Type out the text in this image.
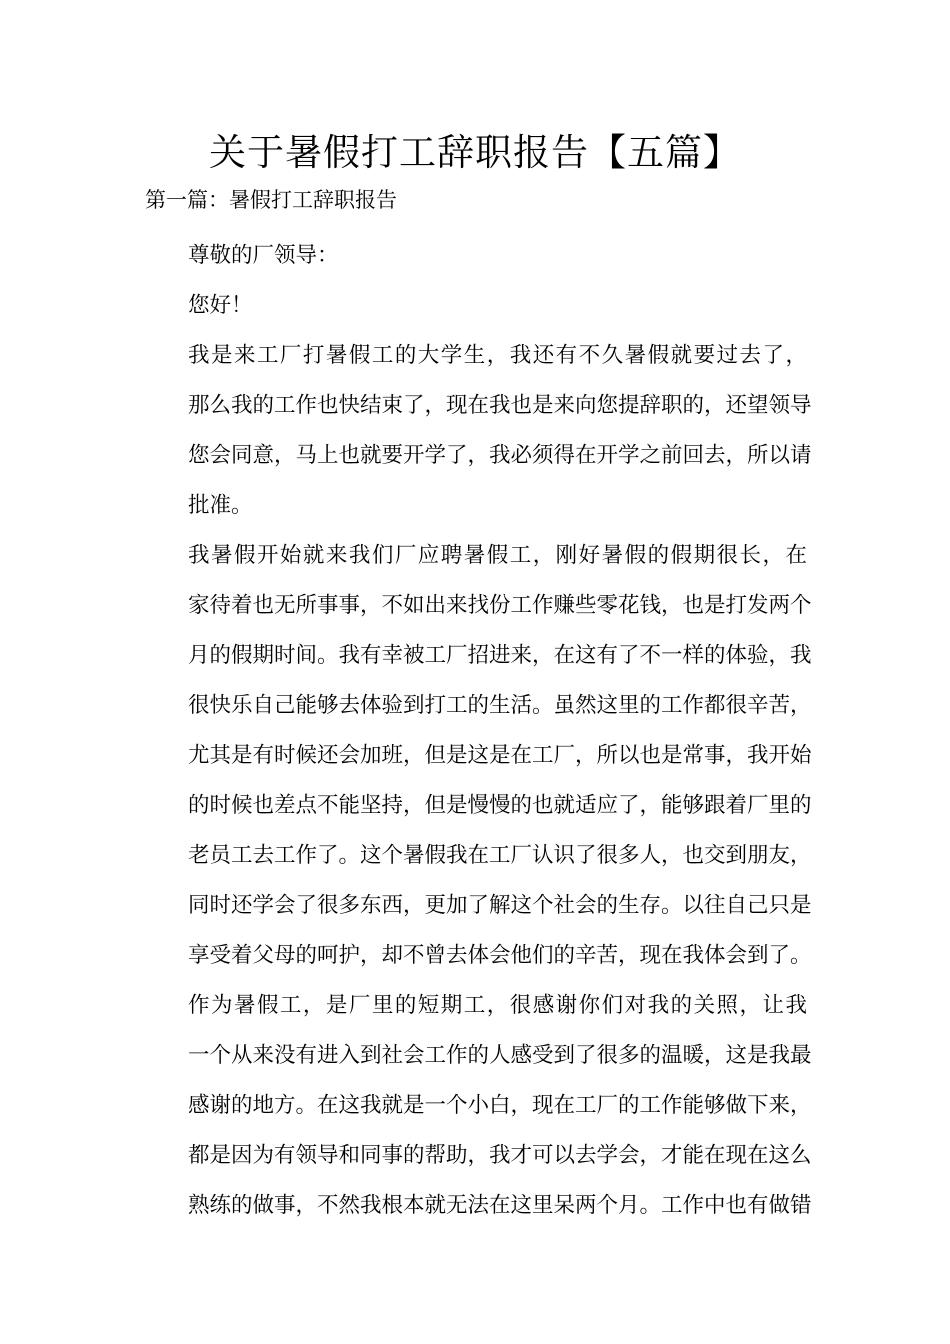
关于暑假打工辞职报告【五篇】
第一篇：暑假打工辞职报告

尊敬的厂领导：

您好！

我是来工厂打暑假工的大学生，我还有不久暑假就要过去了，
那么我的工作也快结束了，现在我也是来向您提辞职的，还望领导
您会同意，马上也就要开学了，我必须得在开学之前回去，所以请
批准。

我暑假开始就来我们厂应聘暑假工，刚好暑假的假期很长，在
家待着也无所事事，不如出来找份工作赚些零花钱，也是打发两个
月的假期时间。我有幸被工厂招进来，在这有了不一样的体验，我
很快乐自己能够去体验到打工的生活。虽然这里的工作都很辛苦，
尤其是有时候还会加班，但是这是在工厂，所以也是常事，我开始
的时候也差点不能坚持，但是慢慢的也就适应了，能够跟着厂里的
老员工去工作了。这个暑假我在工厂认识了很多人，也交到朋友，
同时还学会了很多东西，更加了解这个社会的生存。以往自己只是
享受着父母的呵护，却不曾去体会他们的辛苦，现在我体会到了。

作为暑假工，是厂里的短期工，很感谢你们对我的关照，让我
一个从来没有进入到社会工作的人感受到了很多的温暖，这是我最
感谢的地方。在这我就是一个小白，现在工厂的工作能够做下来，
都是因为有领导和同事的帮助，我才可以去学会，才能在现在这么
熟练的做事，不然我根本就无法在这里呆两个月。工作中也有做错
